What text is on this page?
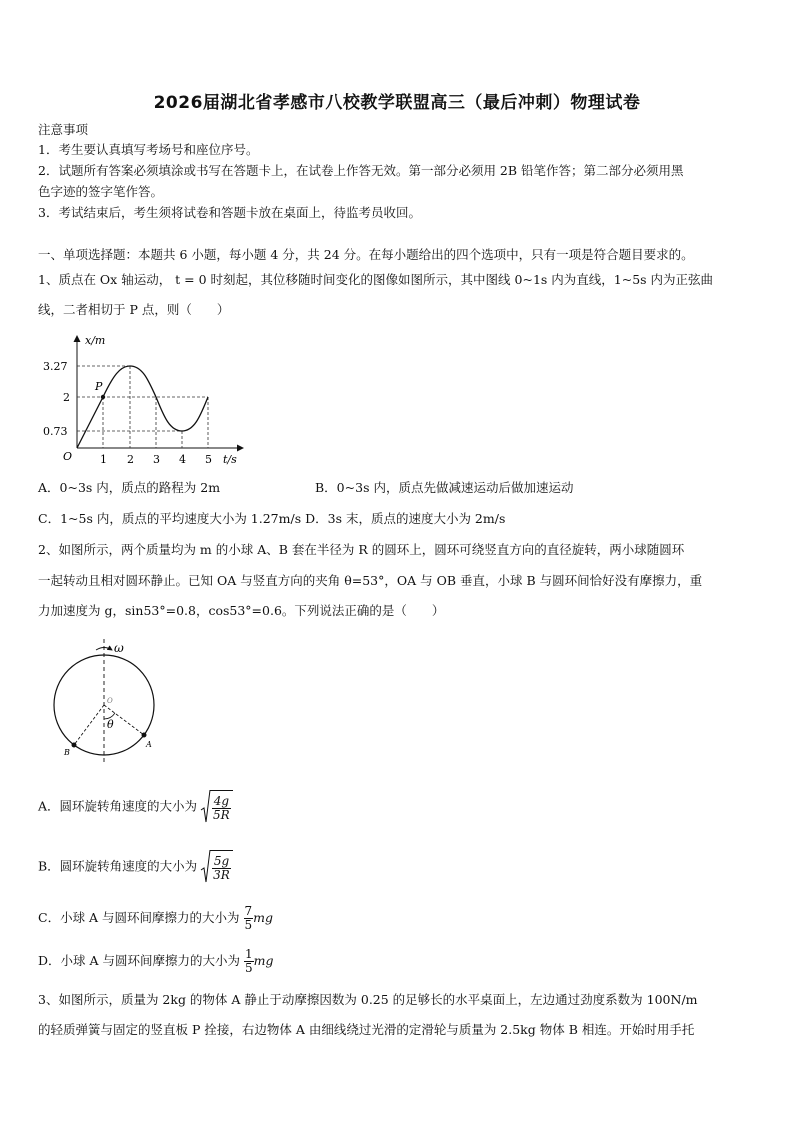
2026届湖北省孝感市八校教学联盟高三（最后冲刺）物理试卷
注意事项
1．考生要认真填写考场号和座位序号。
2．试题所有答案必须填涂或书写在答题卡上，在试卷上作答无效。第一部分必须用 2B 铅笔作答；第二部分必须用黑
色字迹的签字笔作答。
3．考试结束后，考生须将试卷和答题卡放在桌面上，待监考员收回。
一、单项选择题：本题共 6 小题，每小题 4 分，共 24 分。在每小题给出的四个选项中，只有一项是符合题目要求的。
1、质点在 Ox 轴运动， t = 0 时刻起，其位移随时间变化的图像如图所示，其中图线 0~1s 内为直线，1~5s 内为正弦曲
线，二者相切于 P 点，则（　　）
x/m
t/s
O
P
3.27
2
0.73
1 2 3 4 5
A．0~3s 内，质点的路程为 2m	B．0~3s 内，质点先做减速运动后做加速运动
C．1~5s 内，质点的平均速度大小为 1.27m/s D．3s 末，质点的速度大小为 2m/s
2、如图所示，两个质量均为 m 的小球 A、B 套在半径为 R 的圆环上，圆环可绕竖直方向的直径旋转，两小球随圆环
一起转动且相对圆环静止。已知 OA 与竖直方向的夹角 θ=53°，OA 与 OB 垂直，小球 B 与圆环间恰好没有摩擦力，重
力加速度为 g，sin53°=0.8，cos53°=0.6。下列说法正确的是（　　）
ω
θ
A
B
O
A．圆环旋转角速度的大小为 $\frac{4g}{5R}$
B．圆环旋转角速度的大小为 $\frac{5g}{3R}$
C．小球 A 与圆环间摩擦力的大小为 $\frac{7}{5}$ mg
D．小球 A 与圆环间摩擦力的大小为 $\frac{1}{5}$ mg
3、如图所示，质量为 2kg 的物体 A 静止于动摩擦因数为 0.25 的足够长的水平桌面上，左边通过劲度系数为 100N/m
的轻质弹簧与固定的竖直板 P 拴接，右边物体 A 由细线绕过光滑的定滑轮与质量为 2.5kg 物体 B 相连。开始时用手托
